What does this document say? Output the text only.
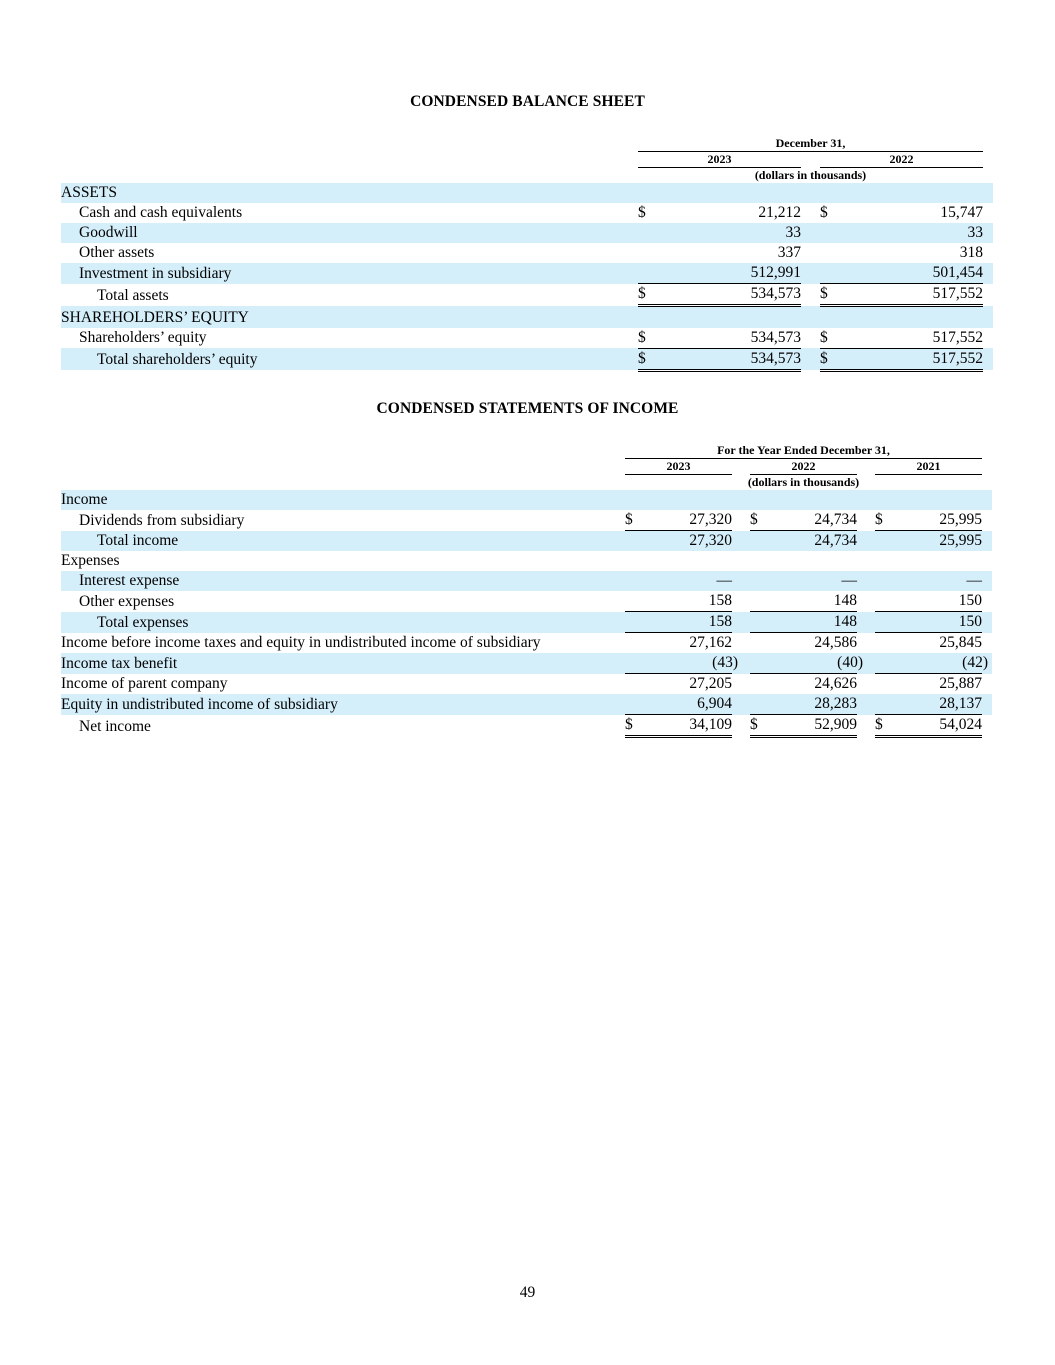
CONDENSED BALANCE SHEET
	December 31,					
	2023			2022		
	(dollars in thousands)					
ASSETS						
Cash and cash equivalents	$	21,212		$	15,747	
Goodwill		33			33	
Other assets		337			318	
Investment in subsidiary		512,991			501,454	
Total assets	$	534,573		$	517,552	
SHAREHOLDERS’ EQUITY						
Shareholders’ equity	$	534,573		$	517,552	
Total shareholders’ equity	$	534,573		$	517,552	
CONDENSED STATEMENTS OF INCOME
	For the Year Ended December 31,								
	2023			2022			2021		
	(dollars in thousands)								
Income									
Dividends from subsidiary	$	27,320		$	24,734		$	25,995	
Total income		27,320			24,734			25,995	
Expenses									
Interest expense		—			—			—	
Other expenses		158			148			150	
Total expenses		158			148			150	
Income before income taxes and equity in undistributed income of subsidiary		27,162			24,586			25,845	
Income tax benefit		(43)			(40)			(42)	
Income of parent company		27,205			24,626			25,887	
Equity in undistributed income of subsidiary		6,904			28,283			28,137	
Net income	$	34,109		$	52,909		$	54,024	
49
